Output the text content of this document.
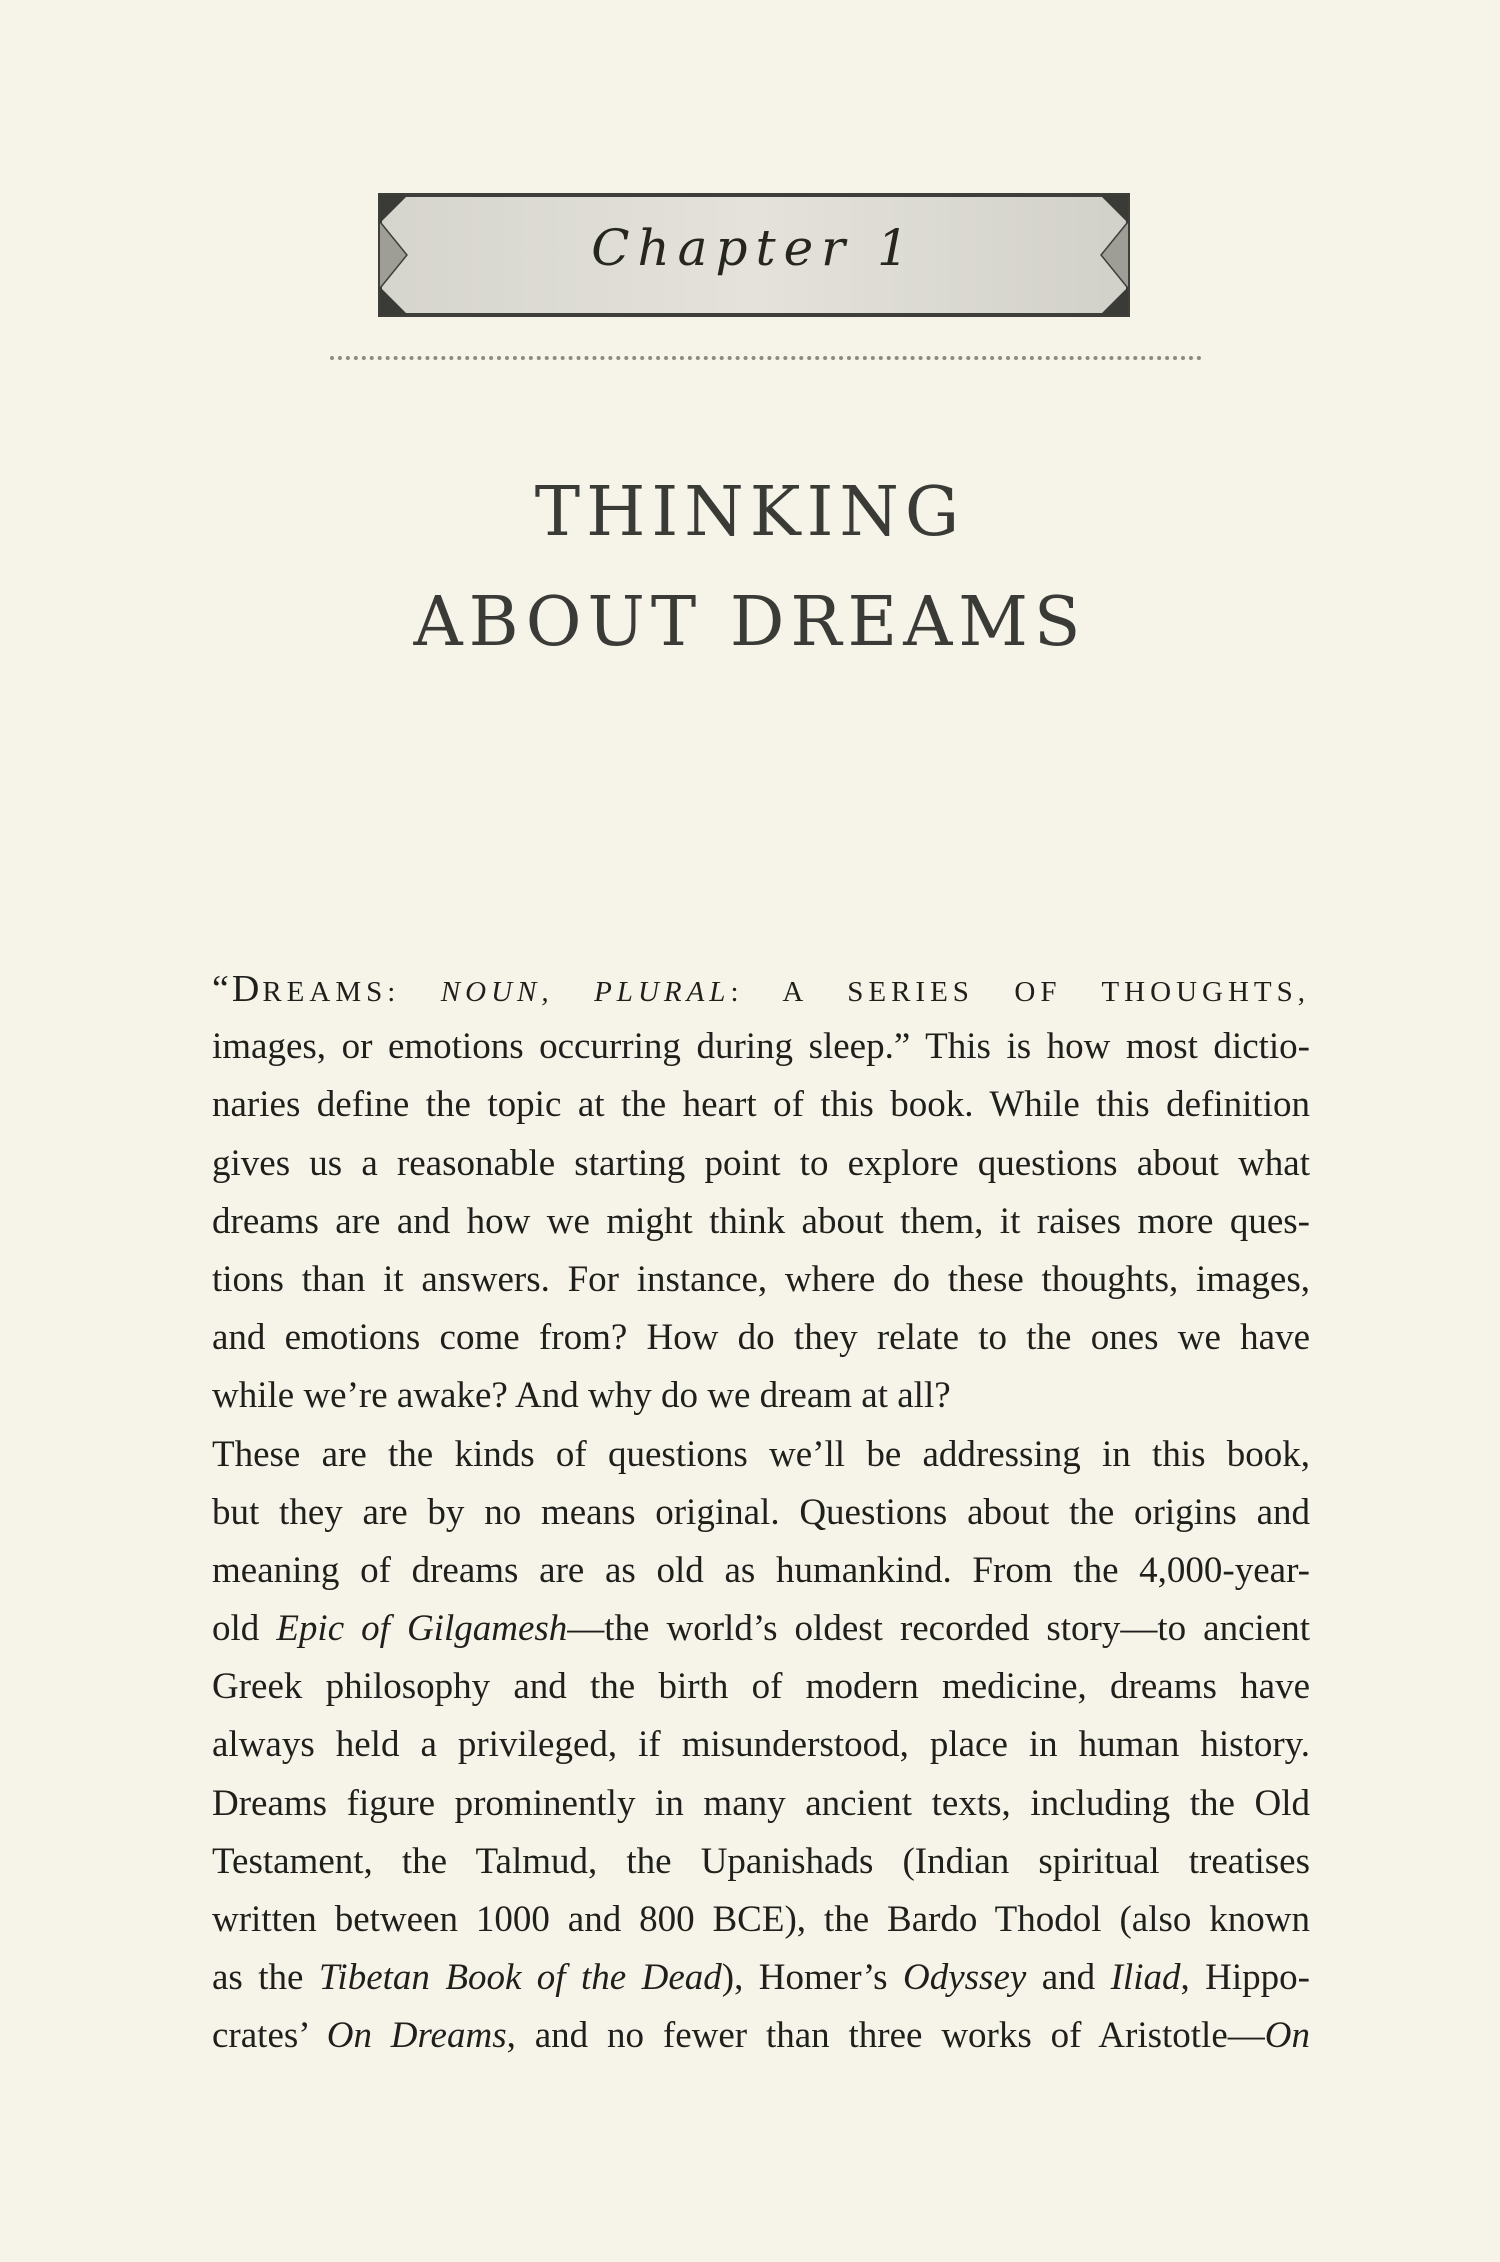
Chapter 1
THINKING
ABOUT DREAMS
“DREAMS: NOUN, PLURAL: A SERIES OF THOUGHTS,
images, or emotions occurring during sleep.” This is how most dictio-
naries define the topic at the heart of this book. While this definition
gives us a reasonable starting point to explore questions about what
dreams are and how we might think about them, it raises more ques-
tions than it answers. For instance, where do these thoughts, images,
and emotions come from? How do they relate to the ones we have
while we’re awake? And why do we dream at all?
These are the kinds of questions we’ll be addressing in this book,
but they are by no means original. Questions about the origins and
meaning of dreams are as old as humankind. From the 4,000-year-
old Epic of Gilgamesh—the world’s oldest recorded story—to ancient
Greek philosophy and the birth of modern medicine, dreams have
always held a privileged, if misunderstood, place in human history.
Dreams figure prominently in many ancient texts, including the Old
Testament, the Talmud, the Upanishads (Indian spiritual treatises
written between 1000 and 800 BCE), the Bardo Thodol (also known
as the Tibetan Book of the Dead), Homer’s Odyssey and Iliad, Hippo-
crates’ On Dreams, and no fewer than three works of Aristotle—On
